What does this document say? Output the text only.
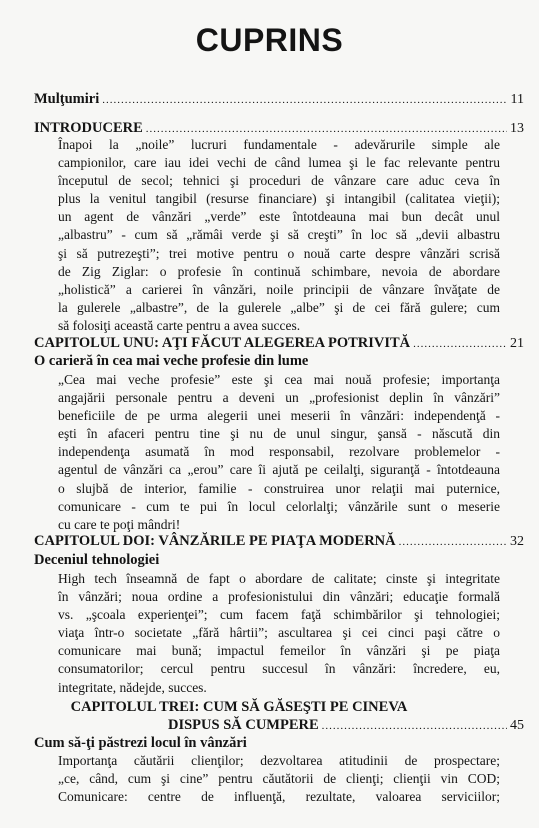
CUPRINS
Mulţumiri .....	11
INTRODUCERE .....	13
Înapoi la „noile” lucruri fundamentale - adevărurile simple ale
campionilor, care iau idei vechi de când lumea şi le fac relevante pentru
începutul de secol; tehnici şi proceduri de vânzare care aduc ceva în
plus la venitul tangibil (resurse financiare) şi intangibil (calitatea vieţii);
un agent de vânzări „verde” este întotdeauna mai bun decât unul
„albastru” - cum să „rămâi verde şi să creşti” în loc să „devii albastru
şi să putrezeşti”; trei motive pentru o nouă carte despre vânzări scrisă
de Zig Ziglar: o profesie în continuă schimbare, nevoia de abordare
„holistică” a carierei în vânzări, noile principii de vânzare învăţate de
la gulerele „albastre”, de la gulerele „albe” şi de cei fără gulere; cum
să folosiţi această carte pentru a avea succes.
CAPITOLUL UNU: AŢI FĂCUT ALEGEREA POTRIVITĂ .....	21
O carieră în cea mai veche profesie din lume
„Cea mai veche profesie” este şi cea mai nouă profesie; importanţa
angajării personale pentru a deveni un „profesionist deplin în vânzări”
beneficiile de pe urma alegerii unei meserii în vânzări: independenţă -
eşti în afaceri pentru tine şi nu de unul singur, şansă - născută din
independenţa asumată în mod responsabil, rezolvare problemelor -
agentul de vânzări ca „erou” care îi ajută pe ceilalţi, siguranţă - întotdeauna
o slujbă de interior, familie - construirea unor relaţii mai puternice,
comunicare - cum te pui în locul celorlalţi; vânzările sunt o meserie
cu care te poţi mândri!
CAPITOLUL DOI: VÂNZĂRILE PE PIAŢA MODERNĂ .....	32
Deceniul tehnologiei
High tech înseamnă de fapt o abordare de calitate; cinste şi integritate
în vânzări; noua ordine a profesionistului din vânzări; educaţie formală
vs. „şcoala experienţei”; cum facem faţă schimbărilor şi tehnologiei;
viaţa într-o societate „fără hârtii”; ascultarea şi cei cinci paşi către o
comunicare mai bună; impactul femeilor în vânzări şi pe piaţa
consumatorilor; cercul pentru succesul în vânzări: încredere, eu,
integritate, nădejde, succes.
CAPITOLUL TREI: CUM SĂ GĂSEŞTI PE CINEVA
DISPUS SĂ CUMPERE .....	45
Cum să-ţi păstrezi locul în vânzări
Importanţa căutării clienţilor; dezvoltarea atitudinii de prospectare;
„ce, când, cum şi cine” pentru căutătorii de clienţi; clienţii vin COD;
Comunicare: centre de influenţă, rezultate, valoarea serviciilor;
